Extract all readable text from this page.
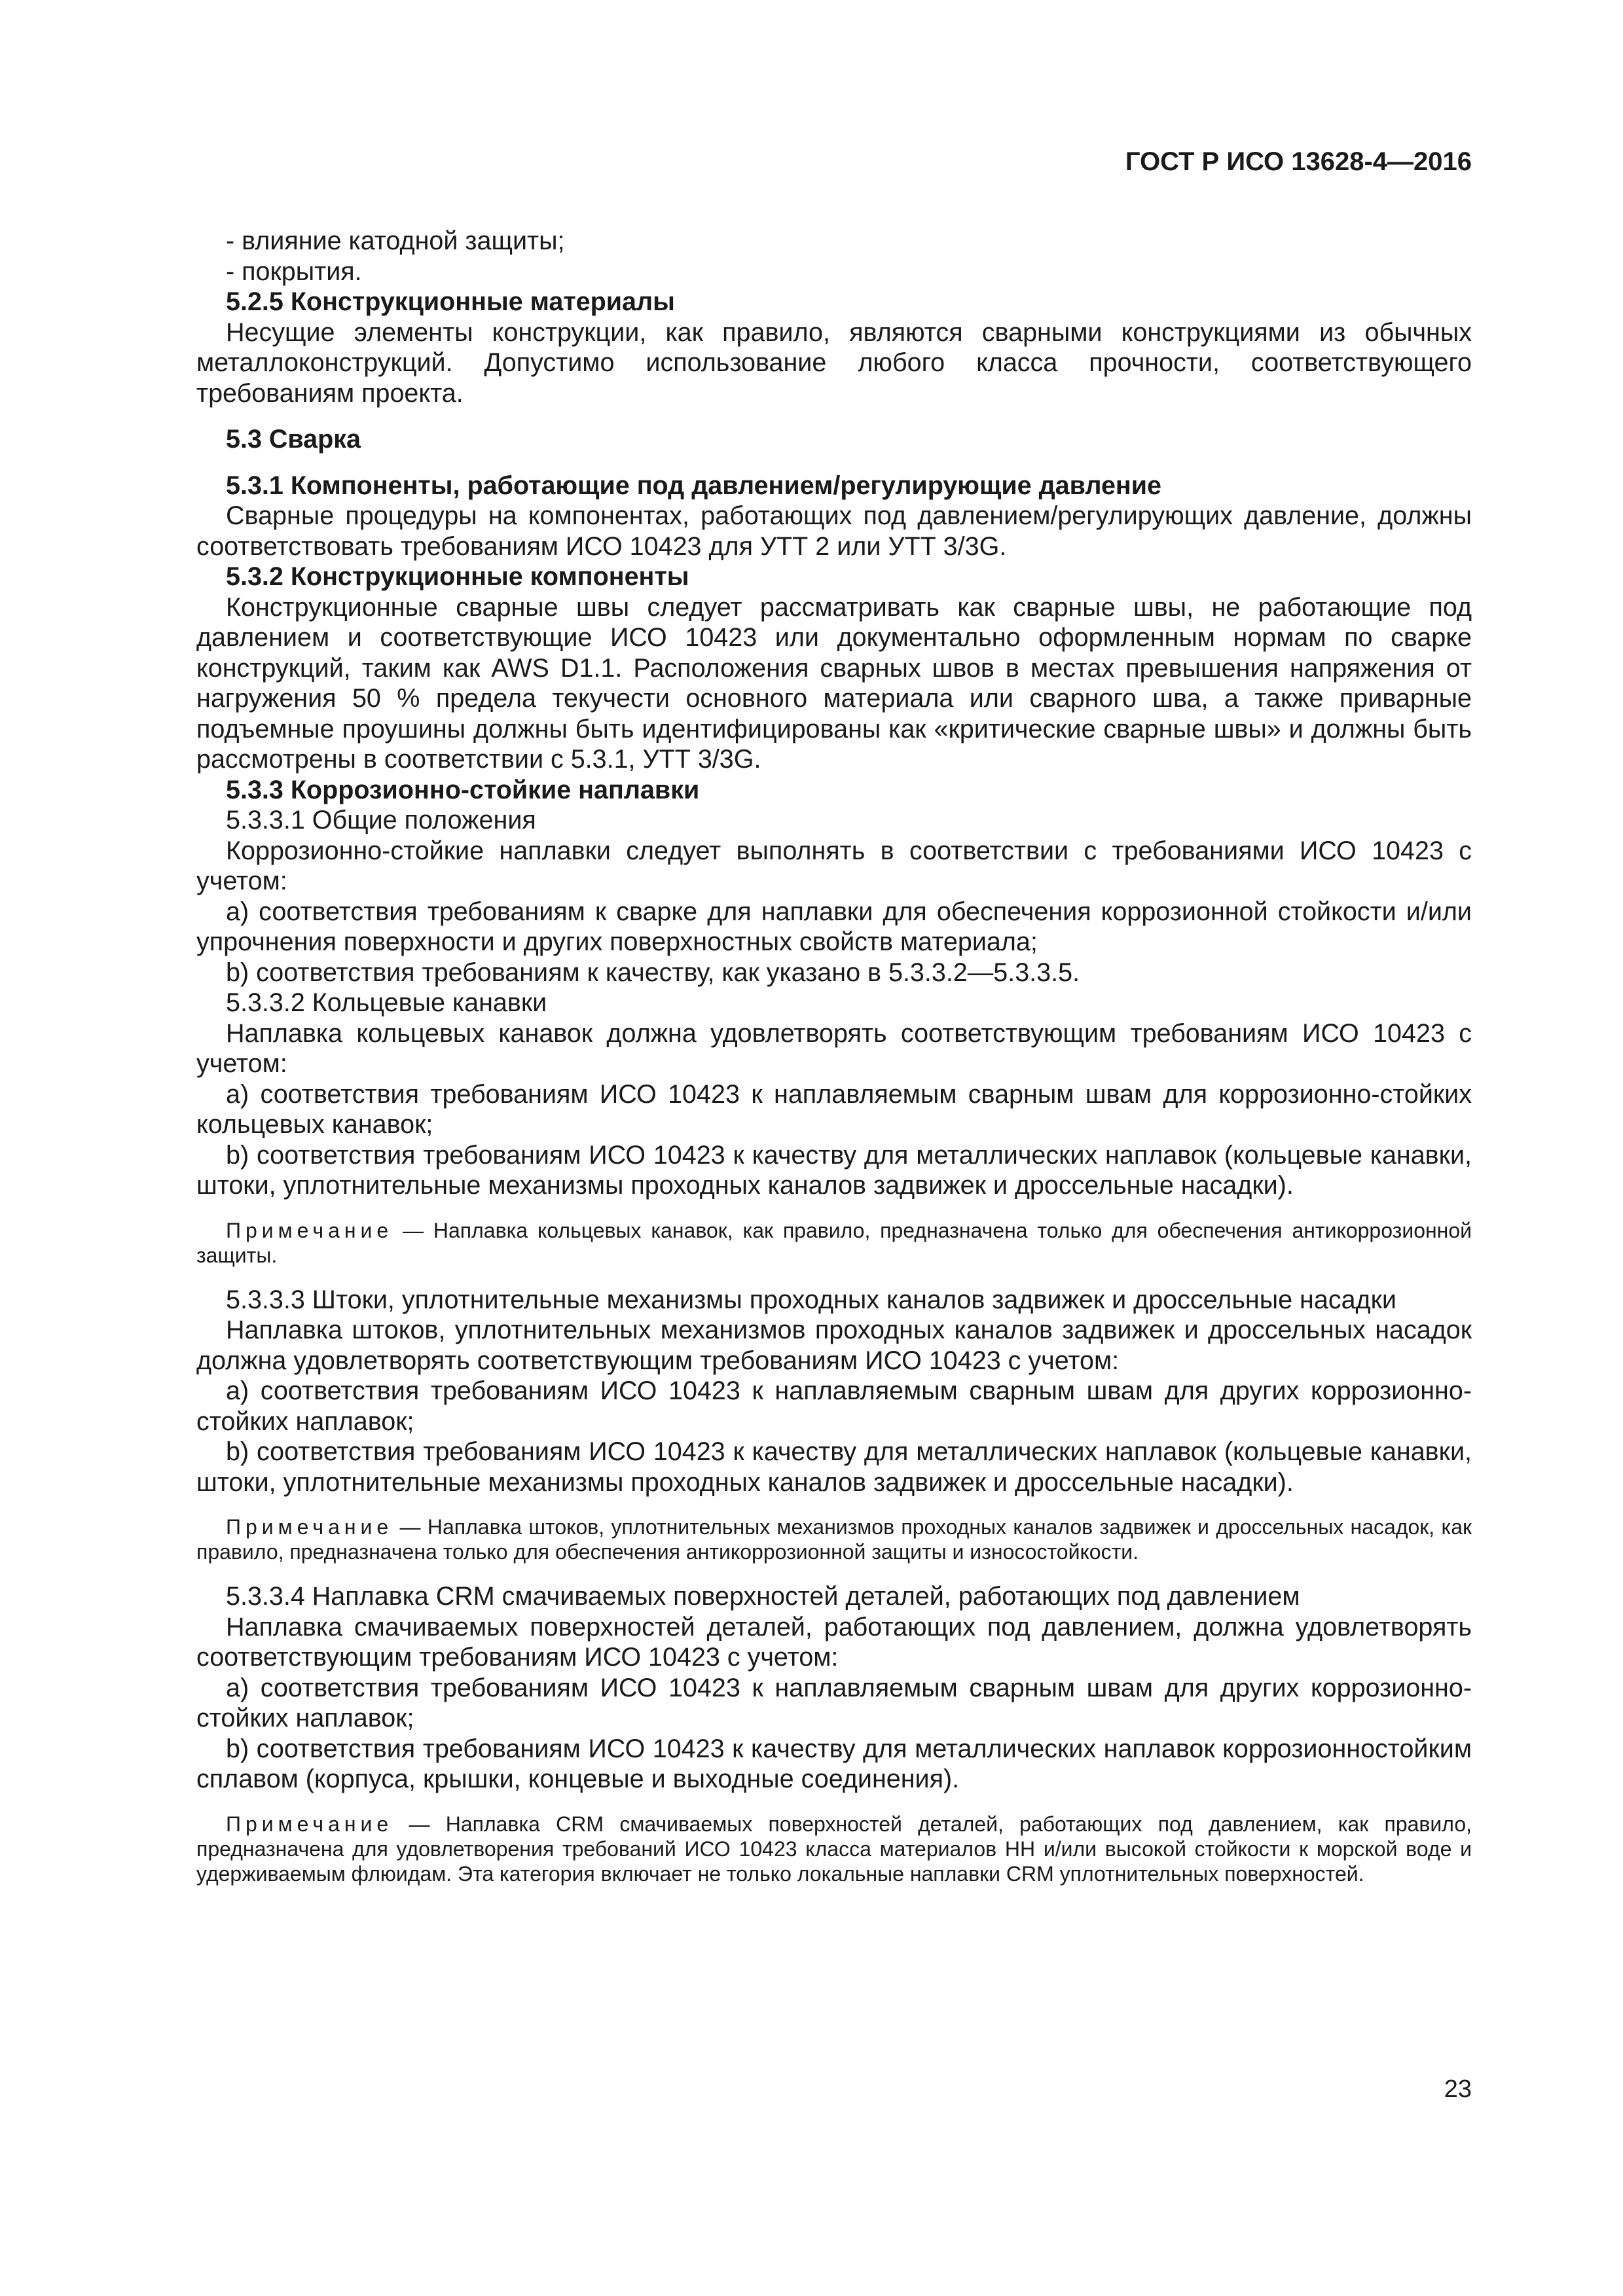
ГОСТ Р ИСО 13628-4—2016

- влияние катодной защиты;

- покрытия.

5.2.5 Конструкционные материалы

Несущие элементы конструкции, как правило, являются сварными конструкциями из обычных металлоконструкций. Допустимо использование любого класса прочности, соответствующего требованиям проекта.

5.3 Сварка

5.3.1 Компоненты, работающие под давлением/регулирующие давление

Сварные процедуры на компонентах, работающих под давлением/регулирующих давление, должны соответствовать требованиям ИСО 10423 для УТТ 2 или УТТ 3/3G.

5.3.2 Конструкционные компоненты

Конструкционные сварные швы следует рассматривать как сварные швы, не работающие под давлением и соответствующие ИСО 10423 или документально оформленным нормам по сварке конструкций, таким как AWS D1.1. Расположения сварных швов в местах превышения напряжения от нагружения 50 % предела текучести основного материала или сварного шва, а также приварные подъемные проушины должны быть идентифицированы как «критические сварные швы» и должны быть рассмотрены в соответствии с 5.3.1, УТТ 3/3G.

5.3.3 Коррозионно-стойкие наплавки

5.3.3.1 Общие положения

Коррозионно-стойкие наплавки следует выполнять в соответствии с требованиями ИСО 10423 с учетом:

a) соответствия требованиям к сварке для наплавки для обеспечения коррозионной стойкости и/или упрочнения поверхности и других поверхностных свойств материала;

b) соответствия требованиям к качеству, как указано в 5.3.3.2—5.3.3.5.

5.3.3.2 Кольцевые канавки

Наплавка кольцевых канавок должна удовлетворять соответствующим требованиям ИСО 10423 с учетом:

a) соответствия требованиям ИСО 10423 к наплавляемым сварным швам для коррозионно-стойких кольцевых канавок;

b) соответствия требованиям ИСО 10423 к качеству для металлических наплавок (кольцевые канавки, штоки, уплотнительные механизмы проходных каналов задвижек и дроссельные насадки).

Примечание — Наплавка кольцевых канавок, как правило, предназначена только для обеспечения антикоррозионной защиты.

5.3.3.3 Штоки, уплотнительные механизмы проходных каналов задвижек и дроссельные насадки

Наплавка штоков, уплотнительных механизмов проходных каналов задвижек и дроссельных насадок должна удовлетворять соответствующим требованиям ИСО 10423 с учетом:

a) соответствия требованиям ИСО 10423 к наплавляемым сварным швам для других коррозионно-стойких наплавок;

b) соответствия требованиям ИСО 10423 к качеству для металлических наплавок (кольцевые канавки, штоки, уплотнительные механизмы проходных каналов задвижек и дроссельные насадки).

Примечание — Наплавка штоков, уплотнительных механизмов проходных каналов задвижек и дроссельных насадок, как правило, предназначена только для обеспечения антикоррозионной защиты и износостойкости.

5.3.3.4 Наплавка CRM смачиваемых поверхностей деталей, работающих под давлением

Наплавка смачиваемых поверхностей деталей, работающих под давлением, должна удовлетворять соответствующим требованиям ИСО 10423 с учетом:

a) соответствия требованиям ИСО 10423 к наплавляемым сварным швам для других коррозионно-стойких наплавок;

b) соответствия требованиям ИСО 10423 к качеству для металлических наплавок коррозионностойким сплавом (корпуса, крышки, концевые и выходные соединения).

Примечание — Наплавка CRM смачиваемых поверхностей деталей, работающих под давлением, как правило, предназначена для удовлетворения требований ИСО 10423 класса материалов НН и/или высокой стойкости к морской воде и удерживаемым флюидам. Эта категория включает не только локальные наплавки CRM уплотнительных поверхностей.

23
